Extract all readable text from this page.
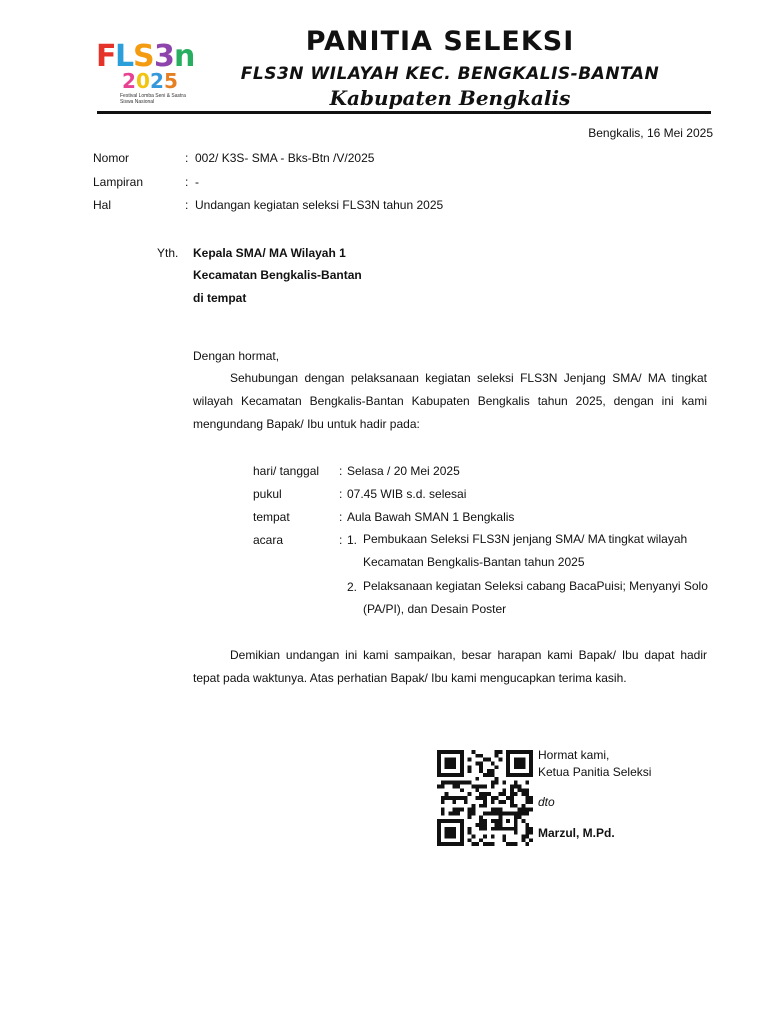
F
L
S 3 n
2 0 2 5
Festival Lomba Seni & Sastra Siswa Nasional
PANITIA SELEKSI
FLS3N WILAYAH KEC. BENGKALIS-BANTAN
Kabupaten Bengkalis
Bengkalis, 16 Mei 2025
Nomor	: 002/ K3S- SMA - Bks-Btn /V/2025
Lampiran	: -
Hal	: Undangan kegiatan seleksi FLS3N tahun 2025
Yth. Kepala SMA/ MA Wilayah 1
Kecamatan Bengkalis-Bantan
di tempat
Dengan hormat,
Sehubungan dengan pelaksanaan kegiatan seleksi FLS3N Jenjang SMA/ MA tingkat wilayah Kecamatan Bengkalis-Bantan Kabupaten Bengkalis tahun 2025, dengan ini kami mengundang Bapak/ Ibu untuk hadir pada:
hari/ tanggal : Selasa / 20 Mei 2025
pukul	: 07.45 WIB s.d. selesai
tempat	: Aula Bawah SMAN 1 Bengkalis
acara	: 1. Pembukaan Seleksi FLS3N jenjang SMA/ MA tingkat wilayah Kecamatan Bengkalis-Bantan tahun 2025
2. Pelaksanaan kegiatan Seleksi cabang BacaPuisi; Menyanyi Solo (PA/PI), dan Desain Poster
Demikian undangan ini kami sampaikan, besar harapan kami Bapak/ Ibu dapat hadir tepat pada waktunya. Atas perhatian Bapak/ Ibu kami mengucapkan terima kasih.
Hormat kami,
Ketua Panitia Seleksi
dto
Marzul, M.Pd.
